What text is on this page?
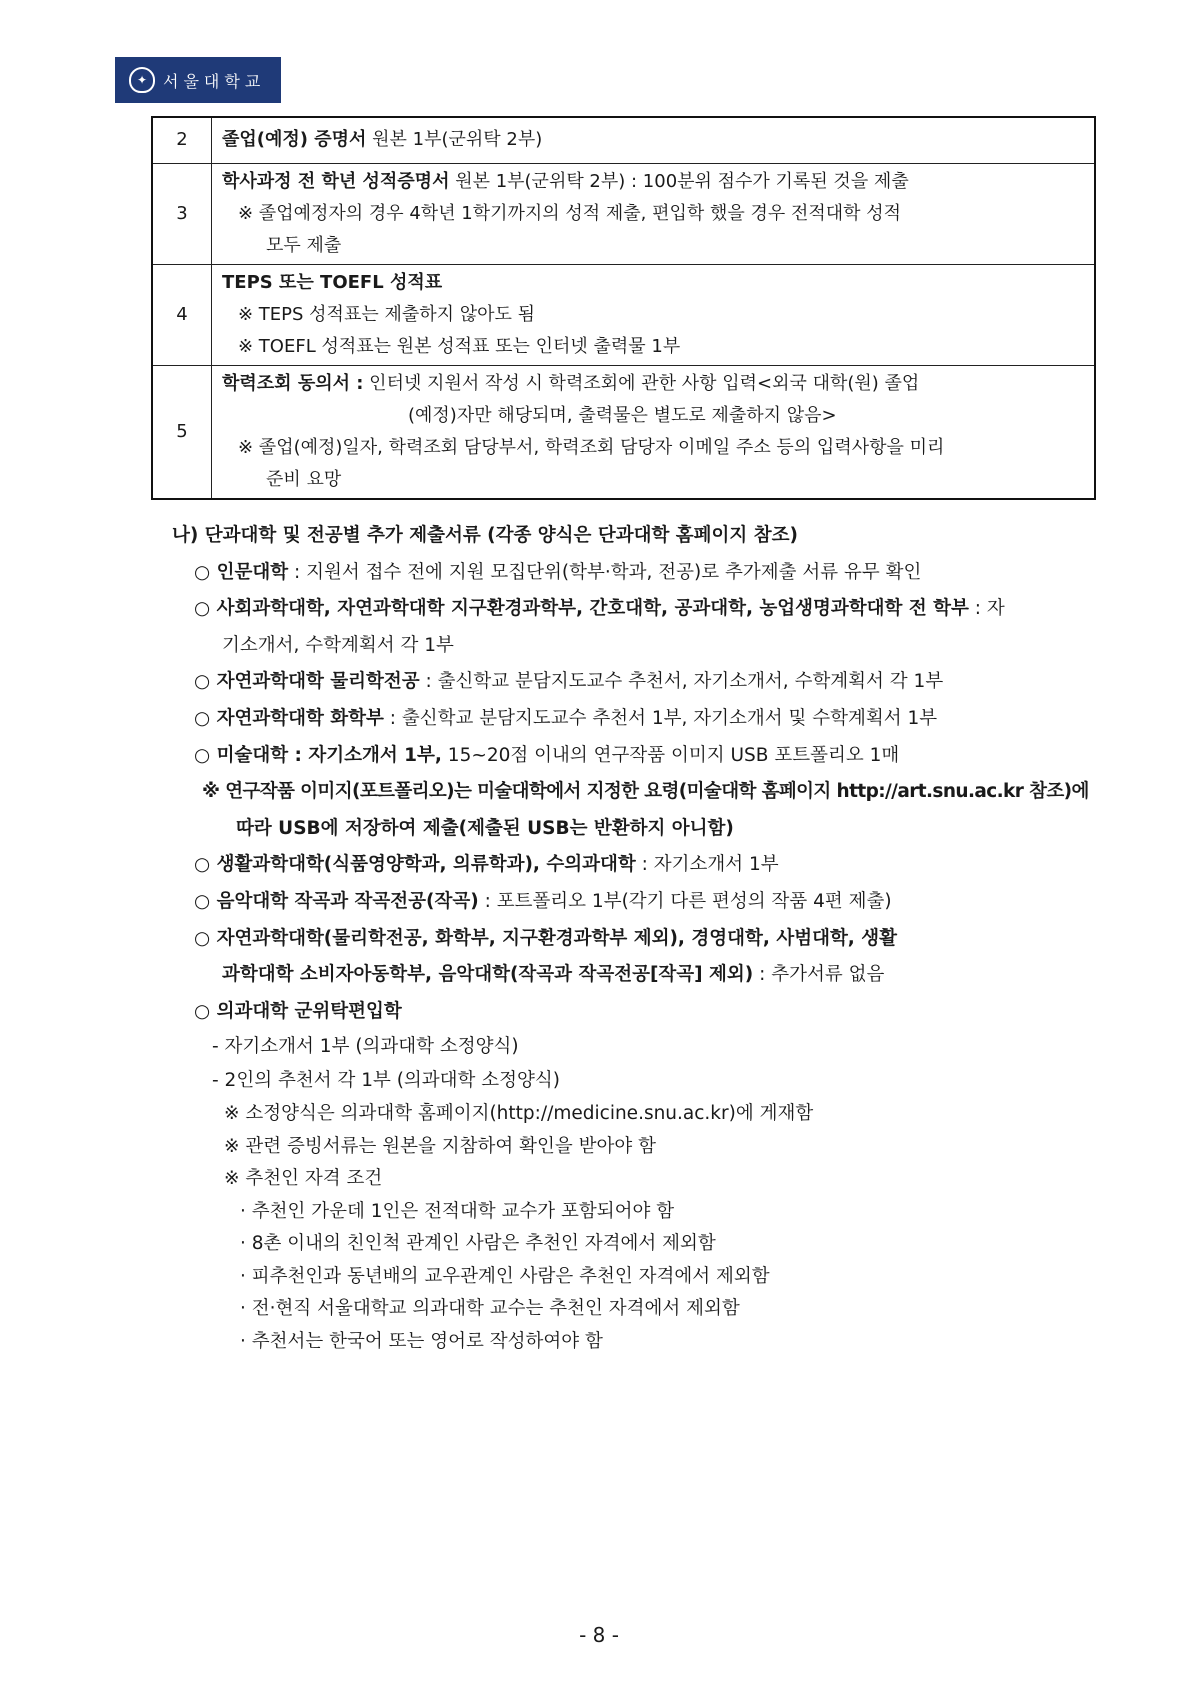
✦ 서울대학교
2	졸업(예정) 증명서 원본 1부(군위탁 2부)
3	학사과정 전 학년 성적증명서 원본 1부(군위탁 2부) : 100분위 점수가 기록된 것을 제출
※ 졸업예정자의 경우 4학년 1학기까지의 성적 제출, 편입학 했을 경우 전적대학 성적
모두 제출

4	TEPS 또는 TOEFL 성적표
※ TEPS 성적표는 제출하지 않아도 됨
※ TOEFL 성적표는 원본 성적표 또는 인터넷 출력물 1부

5	학력조회 동의서 : 인터넷 지원서 작성 시 학력조회에 관한 사항 입력<외국 대학(원) 졸업
(예정)자만 해당되며, 출력물은 별도로 제출하지 않음>
※ 졸업(예정)일자, 학력조회 담당부서, 학력조회 담당자 이메일 주소 등의 입력사항을 미리
준비 요망
나) 단과대학 및 전공별 추가 제출서류 (각종 양식은 단과대학 홈페이지 참조)
○ 인문대학 : 지원서 접수 전에 지원 모집단위(학부·학과, 전공)로 추가제출 서류 유무 확인
○ 사회과학대학, 자연과학대학 지구환경과학부, 간호대학, 공과대학, 농업생명과학대학 전 학부 : 자
기소개서, 수학계획서 각 1부
○ 자연과학대학 물리학전공 : 출신학교 분담지도교수 추천서, 자기소개서, 수학계획서 각 1부
○ 자연과학대학 화학부 : 출신학교 분담지도교수 추천서 1부, 자기소개서 및 수학계획서 1부
○ 미술대학 : 자기소개서 1부, 15~20점 이내의 연구작품 이미지 USB 포트폴리오 1매
※ 연구작품 이미지(포트폴리오)는 미술대학에서 지정한 요령(미술대학 홈페이지 http://art.snu.ac.kr 참조)에
따라 USB에 저장하여 제출(제출된 USB는 반환하지 아니함)
○ 생활과학대학(식품영양학과, 의류학과), 수의과대학 : 자기소개서 1부
○ 음악대학 작곡과 작곡전공(작곡) : 포트폴리오 1부(각기 다른 편성의 작품 4편 제출)
○ 자연과학대학(물리학전공, 화학부, 지구환경과학부 제외), 경영대학, 사범대학, 생활
과학대학 소비자아동학부, 음악대학(작곡과 작곡전공[작곡] 제외) : 추가서류 없음
○ 의과대학 군위탁편입학
- 자기소개서 1부 (의과대학 소정양식)
- 2인의 추천서 각 1부 (의과대학 소정양식)
※ 소정양식은 의과대학 홈페이지(http://medicine.snu.ac.kr)에 게재함
※ 관련 증빙서류는 원본을 지참하여 확인을 받아야 함
※ 추천인 자격 조건
· 추천인 가운데 1인은 전적대학 교수가 포함되어야 함
· 8촌 이내의 친인척 관계인 사람은 추천인 자격에서 제외함
· 피추천인과 동년배의 교우관계인 사람은 추천인 자격에서 제외함
· 전·현직 서울대학교 의과대학 교수는 추천인 자격에서 제외함
· 추천서는 한국어 또는 영어로 작성하여야 함
- 8 -
